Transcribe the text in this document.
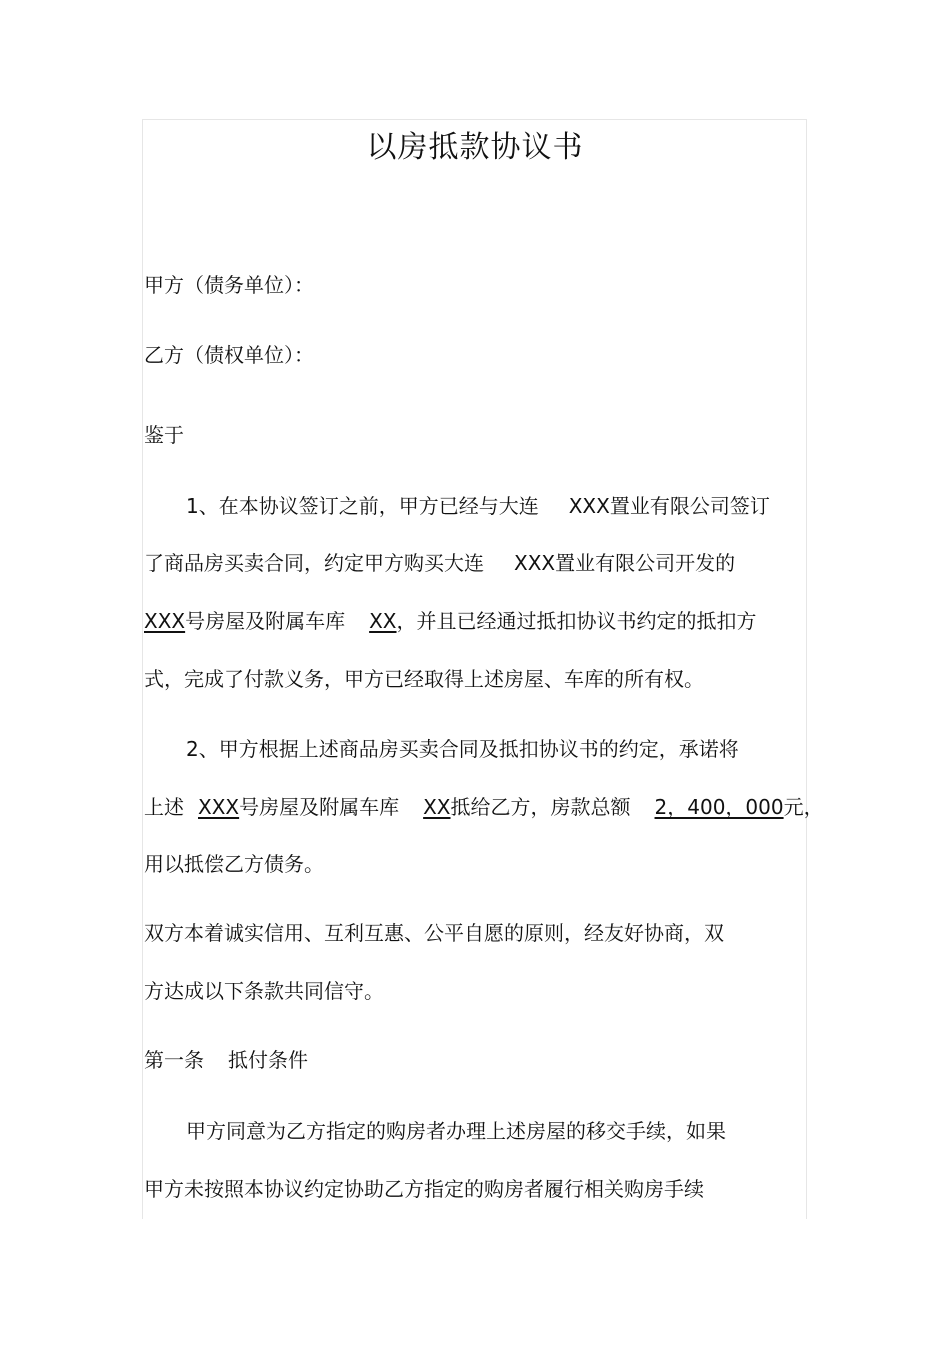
以房抵款协议书
甲方（债务单位）：
乙方（债权单位）：
鉴于
1、在本协议签订之前，甲方已经与大连 XXX置业有限公司签订
了商品房买卖合同，约定甲方购买大连 XXX置业有限公司开发的
XXX号房屋及附属车库 XX，并且已经通过抵扣协议书约定的抵扣方
式，完成了付款义务，甲方已经取得上述房屋、车库的所有权。
2、甲方根据上述商品房买卖合同及抵扣协议书的约定，承诺将
上述 XXX号房屋及附属车库 XX抵给乙方，房款总额 2，400，000元，
用以抵偿乙方债务。
双方本着诚实信用、互利互惠、公平自愿的原则，经友好协商，双
方达成以下条款共同信守。
第一条 抵付条件
甲方同意为乙方指定的购房者办理上述房屋的移交手续，如果
甲方未按照本协议约定协助乙方指定的购房者履行相关购房手续
